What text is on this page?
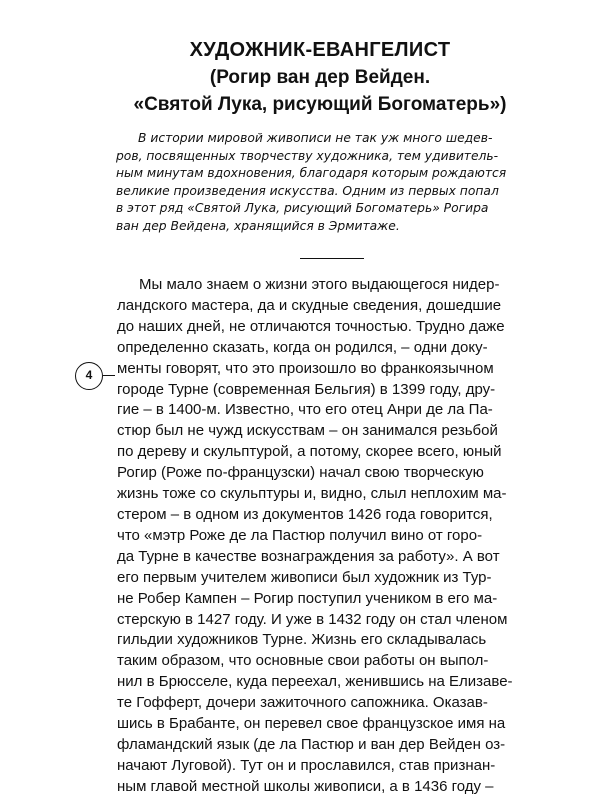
ХУДОЖНИК-ЕВАНГЕЛИСТ
(Рогир ван дер Вейден.
«Святой Лука, рисующий Богоматерь»)
В истории мировой живописи не так уж много шедев-
ров, посвященных творчеству художника, тем удивитель-
ным минутам вдохновения, благодаря которым рождаются
великие произведения искусства. Одним из первых попал
в этот ряд «Святой Лука, рисующий Богоматерь» Рогира
ван дер Вейдена, хранящийся в Эрмитаже.
Мы мало знаем о жизни этого выдающегося нидер-
ландского мастера, да и скудные сведения, дошедшие
до наших дней, не отличаются точностью. Трудно даже
определенно сказать, когда он родился, – одни доку-
менты говорят, что это произошло во франкоязычном
городе Турне (современная Бельгия) в 1399 году, дру-
гие – в 1400-м. Известно, что его отец Анри де ла Па-
стюр был не чужд искусствам – он занимался резьбой
по дереву и скульптурой, а потому, скорее всего, юный
Рогир (Роже по-французски) начал свою творческую
жизнь тоже со скульптуры и, видно, слыл неплохим ма-
стером – в одном из документов 1426 года говорится,
что «мэтр Роже де ла Пастюр получил вино от горо-
да Турне в качестве вознаграждения за работу». А вот
его первым учителем живописи был художник из Тур-
не Робер Кампен – Рогир поступил учеником в его ма-
стерскую в 1427 году. И уже в 1432 году он стал членом
гильдии художников Турне. Жизнь его складывалась
таким образом, что основные свои работы он выпол-
нил в Брюсселе, куда переехал, женившись на Елизаве-
те Гофферт, дочери зажиточного сапожника. Оказав-
шись в Брабанте, он перевел свое французское имя на
фламандский язык (де ла Пастюр и ван дер Вейден оз-
начают Луговой). Тут он и прославился, став признан-
ным главой местной школы живописи, а в 1436 году –
4
